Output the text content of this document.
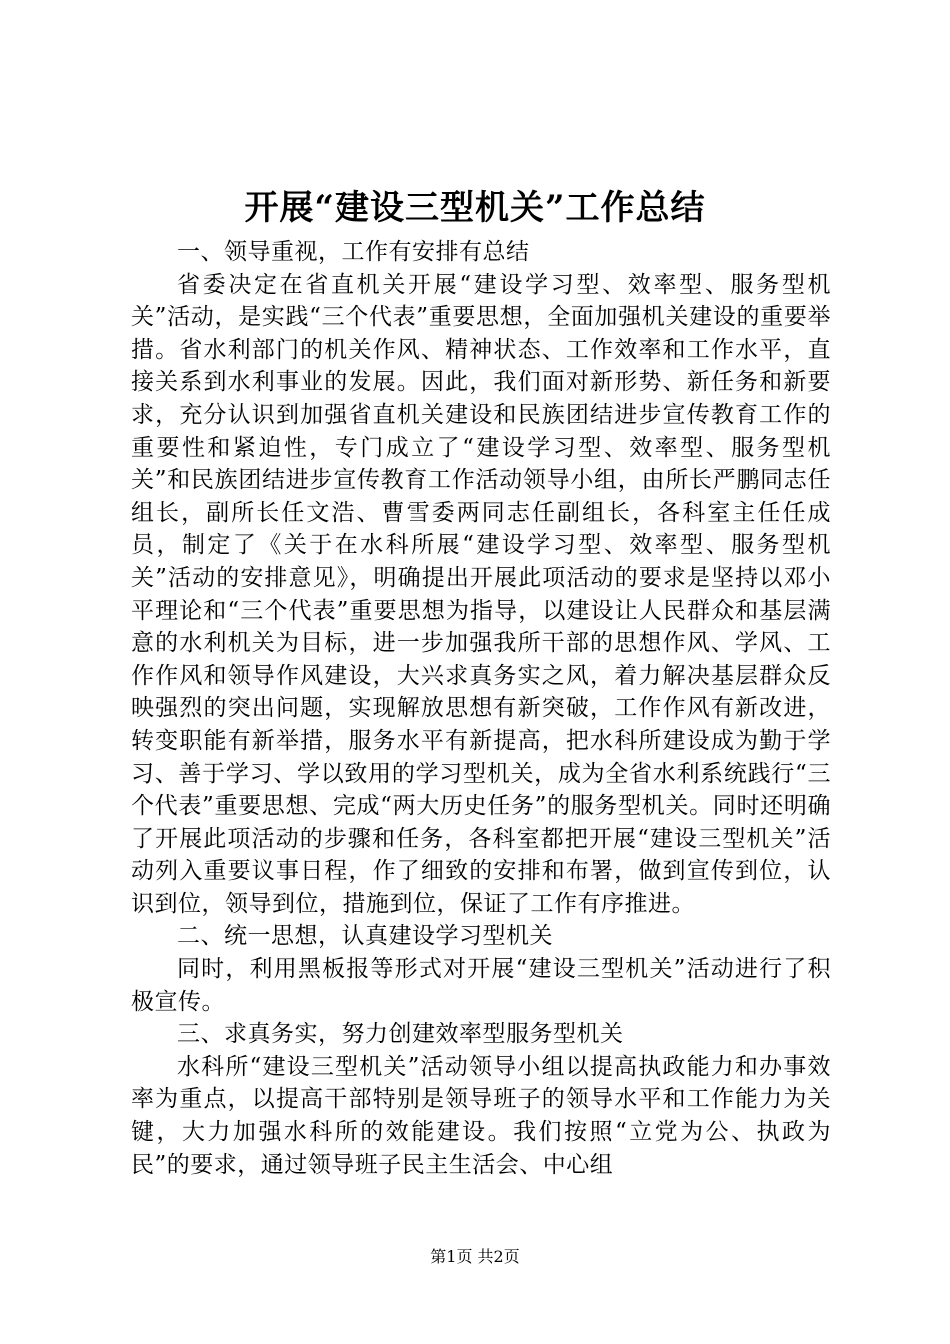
开展“建设三型机关”工作总结

一、领导重视，工作有安排有总结

省委决定在省直机关开展“建设学习型、效率型、服务型机关”活动，是实践“三个代表”重要思想，全面加强机关建设的重要举措。省水利部门的机关作风、精神状态、工作效率和工作水平，直接关系到水利事业的发展。因此，我们面对新形势、新任务和新要求，充分认识到加强省直机关建设和民族团结进步宣传教育工作的重要性和紧迫性，专门成立了“建设学习型、效率型、服务型机关”和民族团结进步宣传教育工作活动领导小组，由所长严鹏同志任组长，副所长任文浩、曹雪委两同志任副组长，各科室主任任成员，制定了《关于在水科所展“建设学习型、效率型、服务型机关”活动的安排意见》，明确提出开展此项活动的要求是坚持以邓小平理论和“三个代表”重要思想为指导，以建设让人民群众和基层满意的水利机关为目标，进一步加强我所干部的思想作风、学风、工作作风和领导作风建设，大兴求真务实之风，着力解决基层群众反映强烈的突出问题，实现解放思想有新突破，工作作风有新改进，转变职能有新举措，服务水平有新提高，把水科所建设成为勤于学习、善于学习、学以致用的学习型机关，成为全省水利系统践行“三个代表”重要思想、完成“两大历史任务”的服务型机关。同时还明确了开展此项活动的步骤和任务，各科室都把开展“建设三型机关”活动列入重要议事日程，作了细致的安排和布署，做到宣传到位，认识到位，领导到位，措施到位，保证了工作有序推进。

二、统一思想，认真建设学习型机关

同时，利用黑板报等形式对开展“建设三型机关”活动进行了积极宣传。

三、求真务实，努力创建效率型服务型机关

水科所“建设三型机关”活动领导小组以提高执政能力和办事效率为重点，以提高干部特别是领导班子的领导水平和工作能力为关键，大力加强水科所的效能建设。我们按照“立党为公、执政为民”的要求，通过领导班子民主生活会、中心组

第1页 共2页
